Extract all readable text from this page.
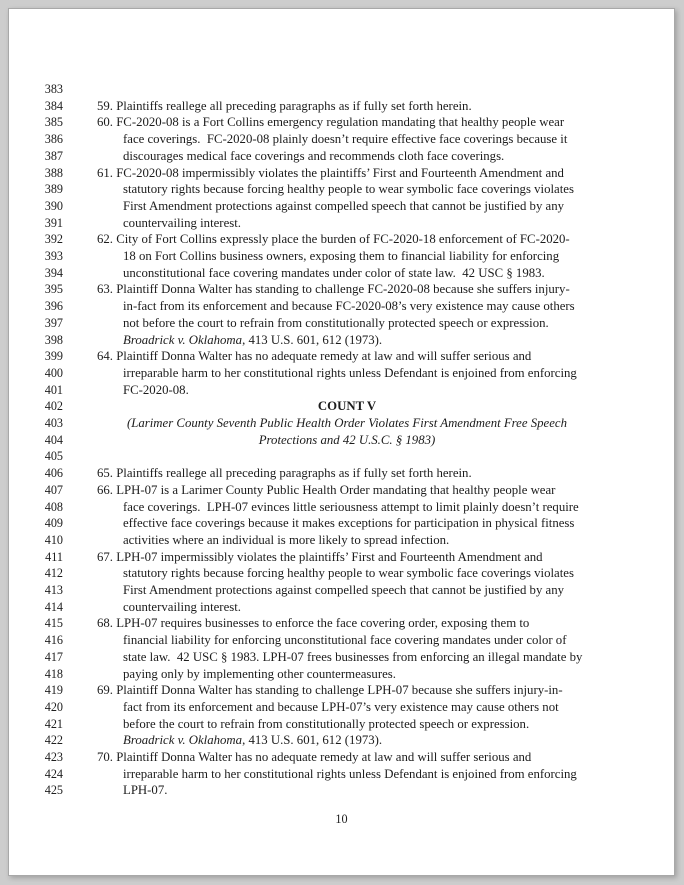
383
384	59. Plaintiffs reallege all preceding paragraphs as if fully set forth herein.
385	60. FC-2020-08 is a Fort Collins emergency regulation mandating that healthy people wear
386	face coverings.  FC-2020-08 plainly doesn’t require effective face coverings because it
387	discourages medical face coverings and recommends cloth face coverings.
388	61. FC-2020-08 impermissibly violates the plaintiffs’ First and Fourteenth Amendment and
389	statutory rights because forcing healthy people to wear symbolic face coverings violates
390	First Amendment protections against compelled speech that cannot be justified by any
391	countervailing interest.
392	62. City of Fort Collins expressly place the burden of FC-2020-18 enforcement of FC-2020-
393	18 on Fort Collins business owners, exposing them to financial liability for enforcing
394	unconstitutional face covering mandates under color of state law.  42 USC § 1983.
395	63. Plaintiff Donna Walter has standing to challenge FC-2020-08 because she suffers injury-
396	in-fact from its enforcement and because FC-2020-08’s very existence may cause others
397	not before the court to refrain from constitutionally protected speech or expression.
398	Broadrick v. Oklahoma, 413 U.S. 601, 612 (1973).
399	64. Plaintiff Donna Walter has no adequate remedy at law and will suffer serious and
400	irreparable harm to her constitutional rights unless Defendant is enjoined from enforcing
401	FC-2020-08.
402	COUNT V
403	(Larimer County Seventh Public Health Order Violates First Amendment Free Speech
404	Protections and 42 U.S.C. § 1983)
405
406	65. Plaintiffs reallege all preceding paragraphs as if fully set forth herein.
407	66. LPH-07 is a Larimer County Public Health Order mandating that healthy people wear
408	face coverings.  LPH-07 evinces little seriousness attempt to limit plainly doesn’t require
409	effective face coverings because it makes exceptions for participation in physical fitness
410	activities where an individual is more likely to spread infection.
411	67. LPH-07 impermissibly violates the plaintiffs’ First and Fourteenth Amendment and
412	statutory rights because forcing healthy people to wear symbolic face coverings violates
413	First Amendment protections against compelled speech that cannot be justified by any
414	countervailing interest.
415	68. LPH-07 requires businesses to enforce the face covering order, exposing them to
416	financial liability for enforcing unconstitutional face covering mandates under color of
417	state law.  42 USC § 1983. LPH-07 frees businesses from enforcing an illegal mandate by
418	paying only by implementing other countermeasures.
419	69. Plaintiff Donna Walter has standing to challenge LPH-07 because she suffers injury-in-
420	fact from its enforcement and because LPH-07’s very existence may cause others not
421	before the court to refrain from constitutionally protected speech or expression.
422	Broadrick v. Oklahoma, 413 U.S. 601, 612 (1973).
423	70. Plaintiff Donna Walter has no adequate remedy at law and will suffer serious and
424	irreparable harm to her constitutional rights unless Defendant is enjoined from enforcing
425	LPH-07.
10
